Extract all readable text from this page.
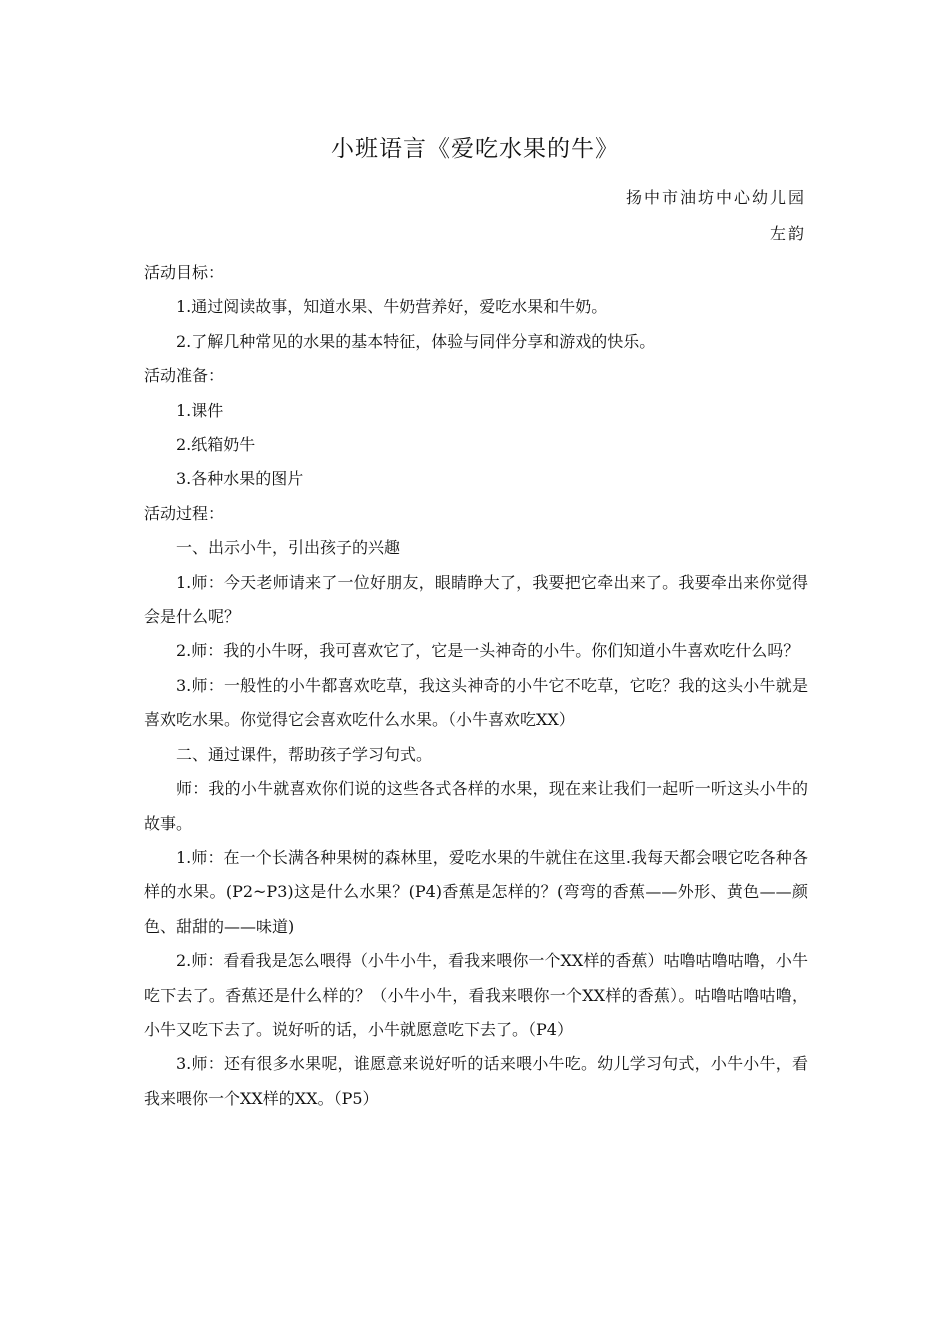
小班语言《爱吃水果的牛》
扬中市油坊中心幼儿园
左韵

活动目标：

1.通过阅读故事，知道水果、牛奶营养好，爱吃水果和牛奶。

2.了解几种常见的水果的基本特征，体验与同伴分享和游戏的快乐。

活动准备：

1.课件

2.纸箱奶牛

3.各种水果的图片

活动过程：

一、出示小牛，引出孩子的兴趣

1.师：今天老师请来了一位好朋友，眼睛睁大了，我要把它牵出来了。我要牵出来你觉得会是什么呢？

2.师：我的小牛呀，我可喜欢它了，它是一头神奇的小牛。你们知道小牛喜欢吃什么吗？

3.师：一般性的小牛都喜欢吃草，我这头神奇的小牛它不吃草，它吃？我的这头小牛就是喜欢吃水果。你觉得它会喜欢吃什么水果。（小牛喜欢吃XX）

二、通过课件，帮助孩子学习句式。

师：我的小牛就喜欢你们说的这些各式各样的水果，现在来让我们一起听一听这头小牛的故事。

1.师：在一个长满各种果树的森林里，爱吃水果的牛就住在这里.我每天都会喂它吃各种各样的水果。(P2~P3)这是什么水果？(P4)香蕉是怎样的？(弯弯的香蕉——外形、黄色——颜色、甜甜的——味道)

2.师：看看我是怎么喂得（小牛小牛，看我来喂你一个XX样的香蕉）咕噜咕噜咕噜，小牛吃下去了。香蕉还是什么样的？（小牛小牛，看我来喂你一个XX样的香蕉）。咕噜咕噜咕噜，小牛又吃下去了。说好听的话，小牛就愿意吃下去了。（P4）

3.师：还有很多水果呢，谁愿意来说好听的话来喂小牛吃。幼儿学习句式，小牛小牛，看我来喂你一个XX样的XX。（P5）
